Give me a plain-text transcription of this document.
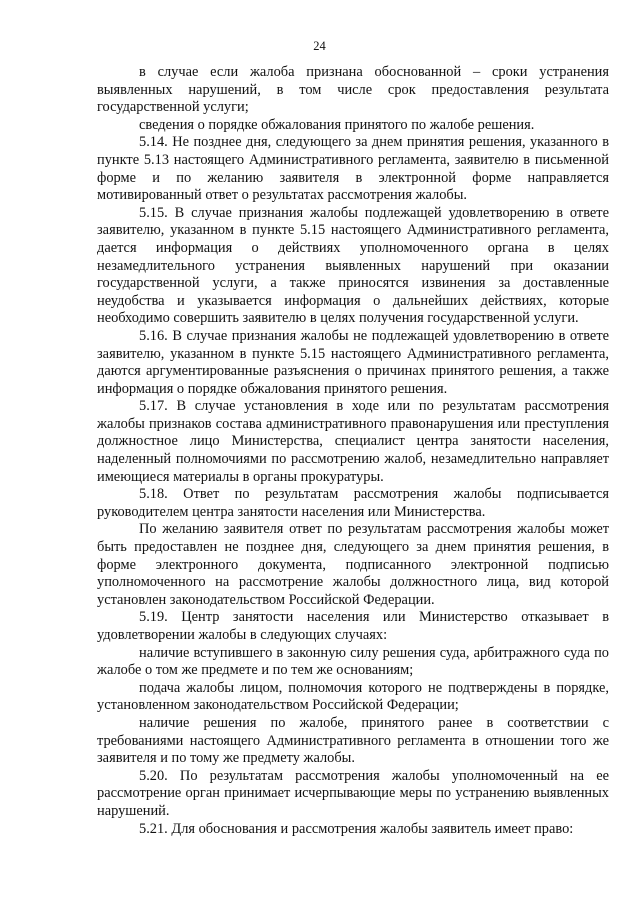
24

в случае если жалоба признана обоснованной – сроки устранения выявленных нарушений, в том числе срок предоставления результата государственной услуги;

сведения о порядке обжалования принятого по жалобе решения.

5.14. Не позднее дня, следующего за днем принятия решения, указанного в пункте 5.13 настоящего Административного регламента, заявителю в письменной форме и по желанию заявителя в электронной форме направляется мотивированный ответ о результатах рассмотрения жалобы.

5.15. В случае признания жалобы подлежащей удовлетворению в ответе заявителю, указанном в пункте 5.15 настоящего Административного регламента, дается информация о действиях уполномоченного органа в целях незамедлительного устранения выявленных нарушений при оказании государственной услуги, а также приносятся извинения за доставленные неудобства и указывается информация о дальнейших действиях, которые необходимо совершить заявителю в целях получения государственной услуги.

5.16. В случае признания жалобы не подлежащей удовлетворению в ответе заявителю, указанном в пункте 5.15 настоящего Административного регламента, даются аргументированные разъяснения о причинах принятого решения, а также информация о порядке обжалования принятого решения.

5.17. В случае установления в ходе или по результатам рассмотрения жалобы признаков состава административного правонарушения или преступления должностное лицо Министерства, специалист центра занятости населения, наделенный полномочиями по рассмотрению жалоб, незамедлительно направляет имеющиеся материалы в органы прокуратуры.

5.18. Ответ по результатам рассмотрения жалобы подписывается руководителем центра занятости населения или Министерства.

По желанию заявителя ответ по результатам рассмотрения жалобы может быть предоставлен не позднее дня, следующего за днем принятия решения, в форме электронного документа, подписанного электронной подписью уполномоченного на рассмотрение жалобы должностного лица, вид которой установлен законодательством Российской Федерации.

5.19. Центр занятости населения или Министерство отказывает в удовлетворении жалобы в следующих случаях:

наличие вступившего в законную силу решения суда, арбитражного суда по жалобе о том же предмете и по тем же основаниям;

подача жалобы лицом, полномочия которого не подтверждены в порядке, установленном законодательством Российской Федерации;

наличие решения по жалобе, принятого ранее в соответствии с требованиями настоящего Административного регламента в отношении того же заявителя и по тому же предмету жалобы.

5.20. По результатам рассмотрения жалобы уполномоченный на ее рассмотрение орган принимает исчерпывающие меры по устранению выявленных нарушений.

5.21. Для обоснования и рассмотрения жалобы заявитель имеет право:
